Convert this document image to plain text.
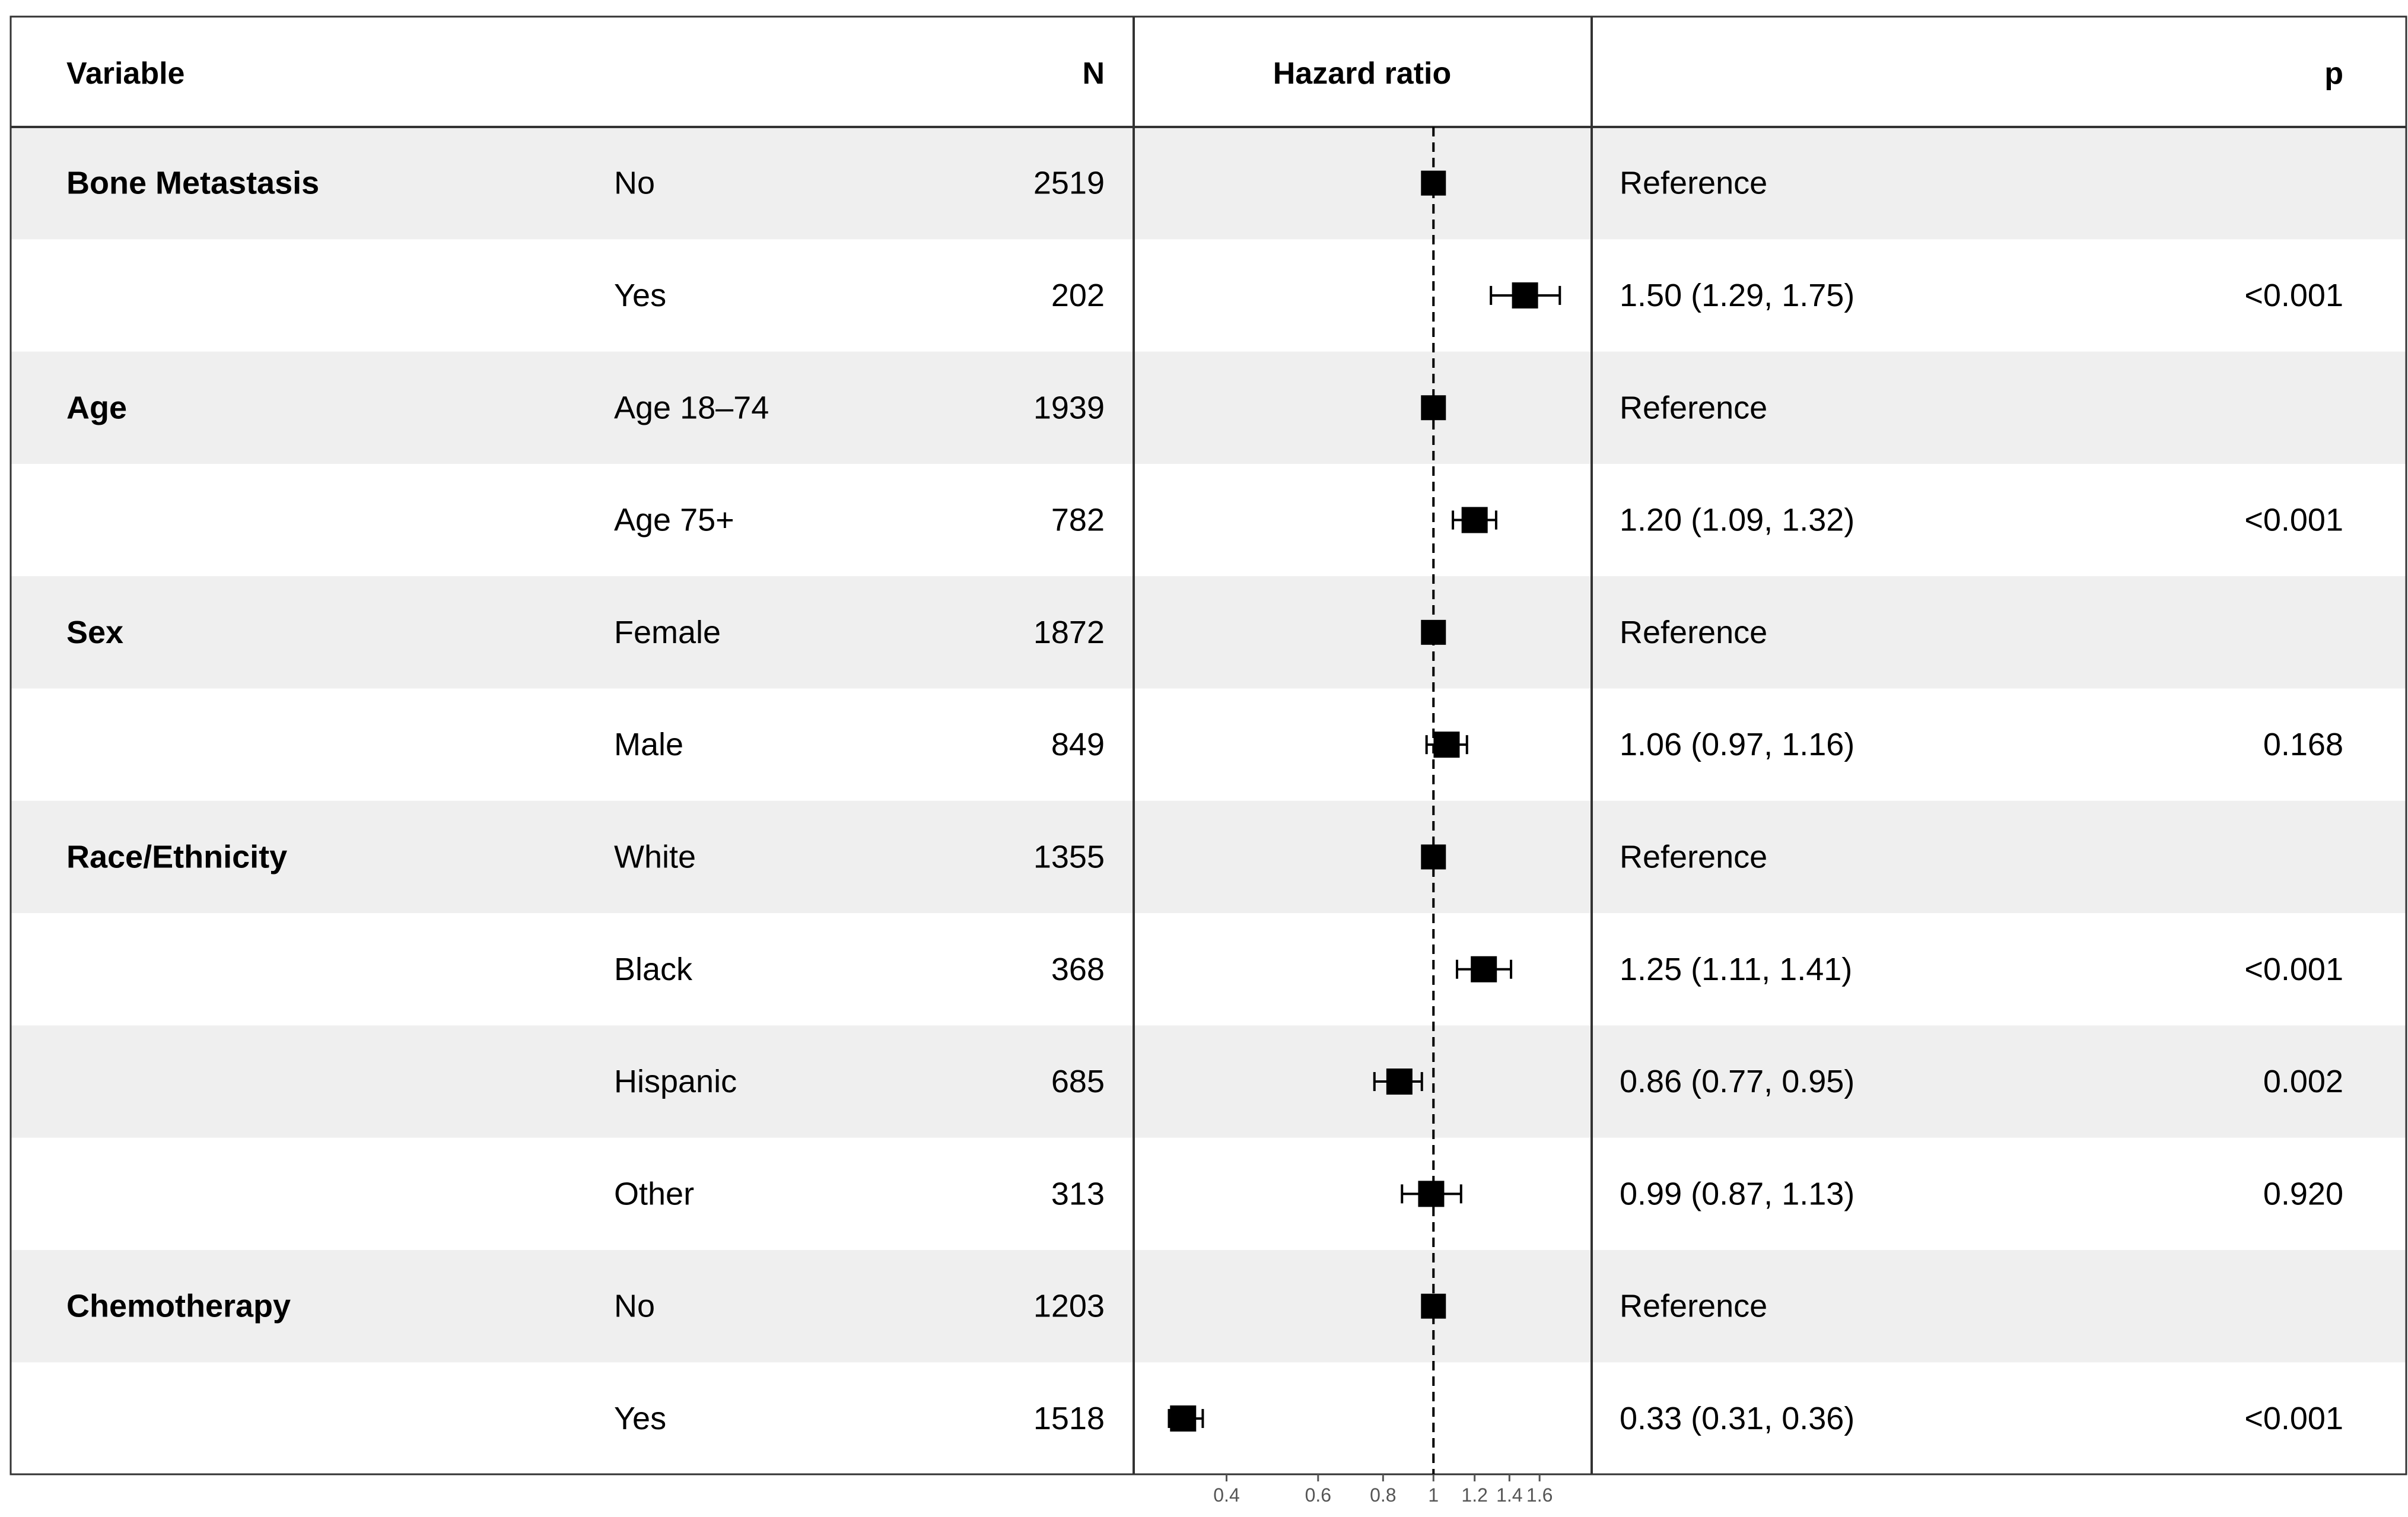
Variable	N	Hazard ratio	p
Bone Metastasis	No	2519	Reference
Yes	202	1.50 (1.29, 1.75)	<0.001
Age	Age 18–74	1939	Reference
Age 75+	782	1.20 (1.09, 1.32)	<0.001
Sex	Female	1872	Reference
Male	849	1.06 (0.97, 1.16)	0.168
Race/Ethnicity	White	1355	Reference
Black	368	1.25 (1.11, 1.41)	<0.001
Hispanic	685	0.86 (0.77, 0.95)	0.002
Other	313	0.99 (0.87, 1.13)	0.920
Chemotherapy	No	1203	Reference
Yes	1518	0.33 (0.31, 0.36)	<0.001
0.4	0.6 0.8 1 1.2 1.4 1.6
